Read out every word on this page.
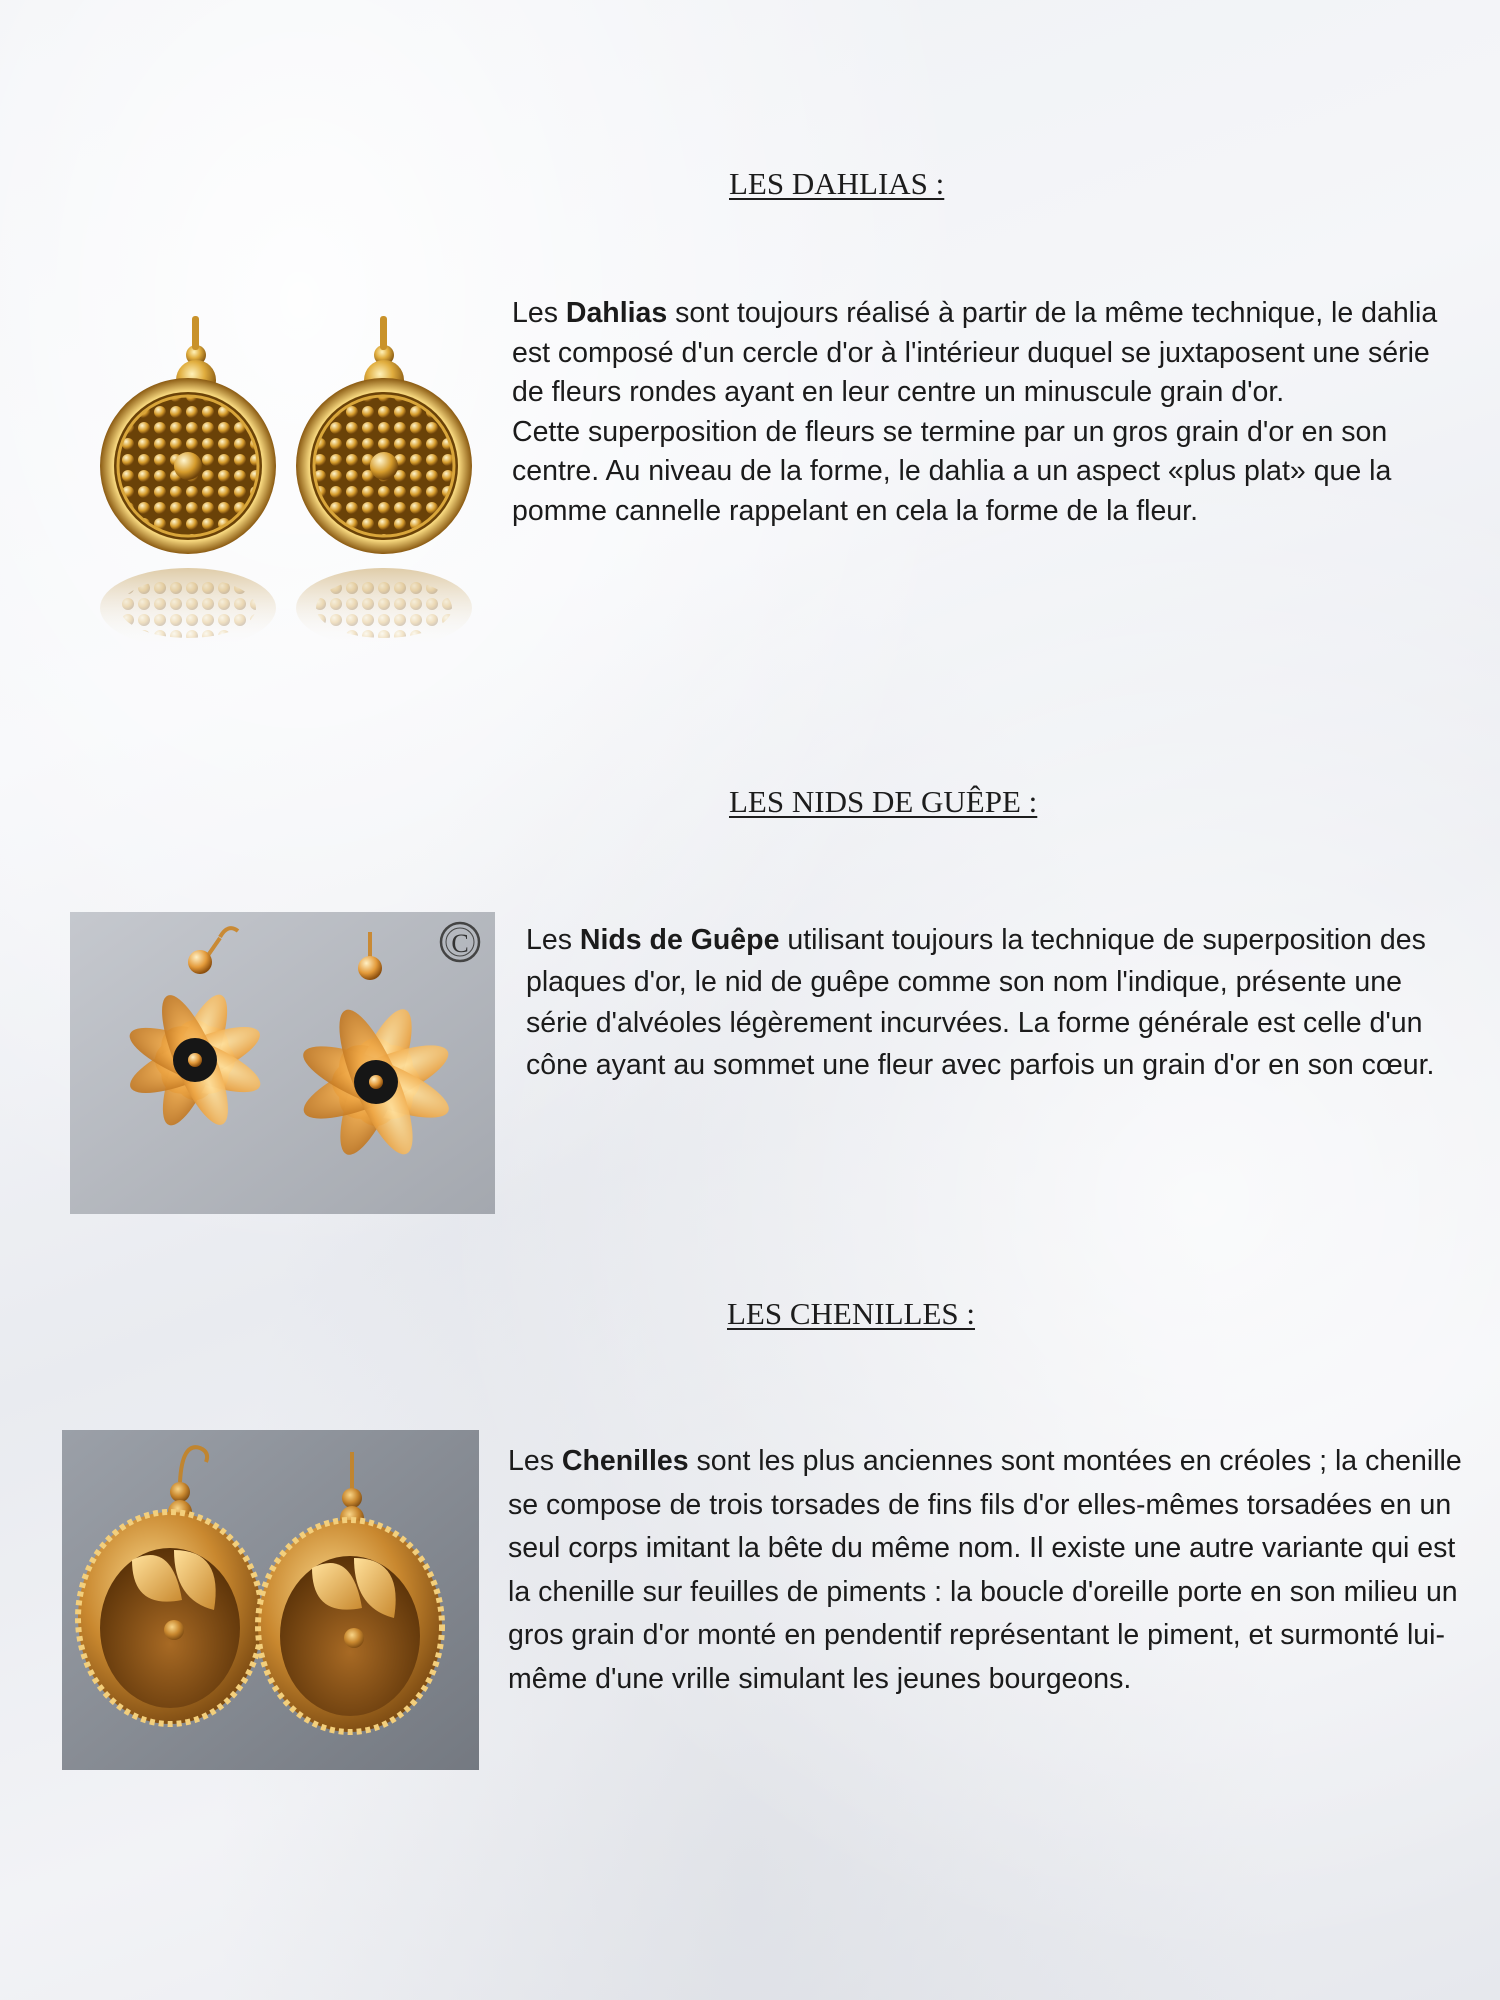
LES DAHLIAS :

Les Dahlias sont toujours réalisé à partir de la même technique, le dahlia est composé d'un cercle d'or à l'intérieur duquel se juxtaposent une série de fleurs rondes ayant en leur centre un minuscule grain d'or.
Cette superposition de fleurs se termine par un gros grain d'or en son centre. Au niveau de la forme, le dahlia a un aspect «plus plat» que la pomme cannelle rappelant en cela la forme de la fleur.

LES NIDS DE GUÊPE :
C Les Nids de Guêpe utilisant toujours la technique de superposition des plaques d'or, le nid de guêpe comme son nom l'indique, présente une série d'alvéoles légèrement incurvées. La forme générale est celle d'un cône ayant au sommet une fleur avec parfois un grain d'or en son cœur.

LES CHENILLES :

Les Chenilles sont les plus anciennes sont montées en créoles ; la chenille se compose de trois torsades de fins fils d'or elles-mêmes torsadées en un seul corps imitant la bête du même nom. Il existe une autre variante qui est la chenille sur feuilles de piments : la boucle d'oreille porte en son milieu un gros grain d'or monté en pendentif représentant le piment, et surmonté lui-même d'une vrille simulant les jeunes bourgeons.
